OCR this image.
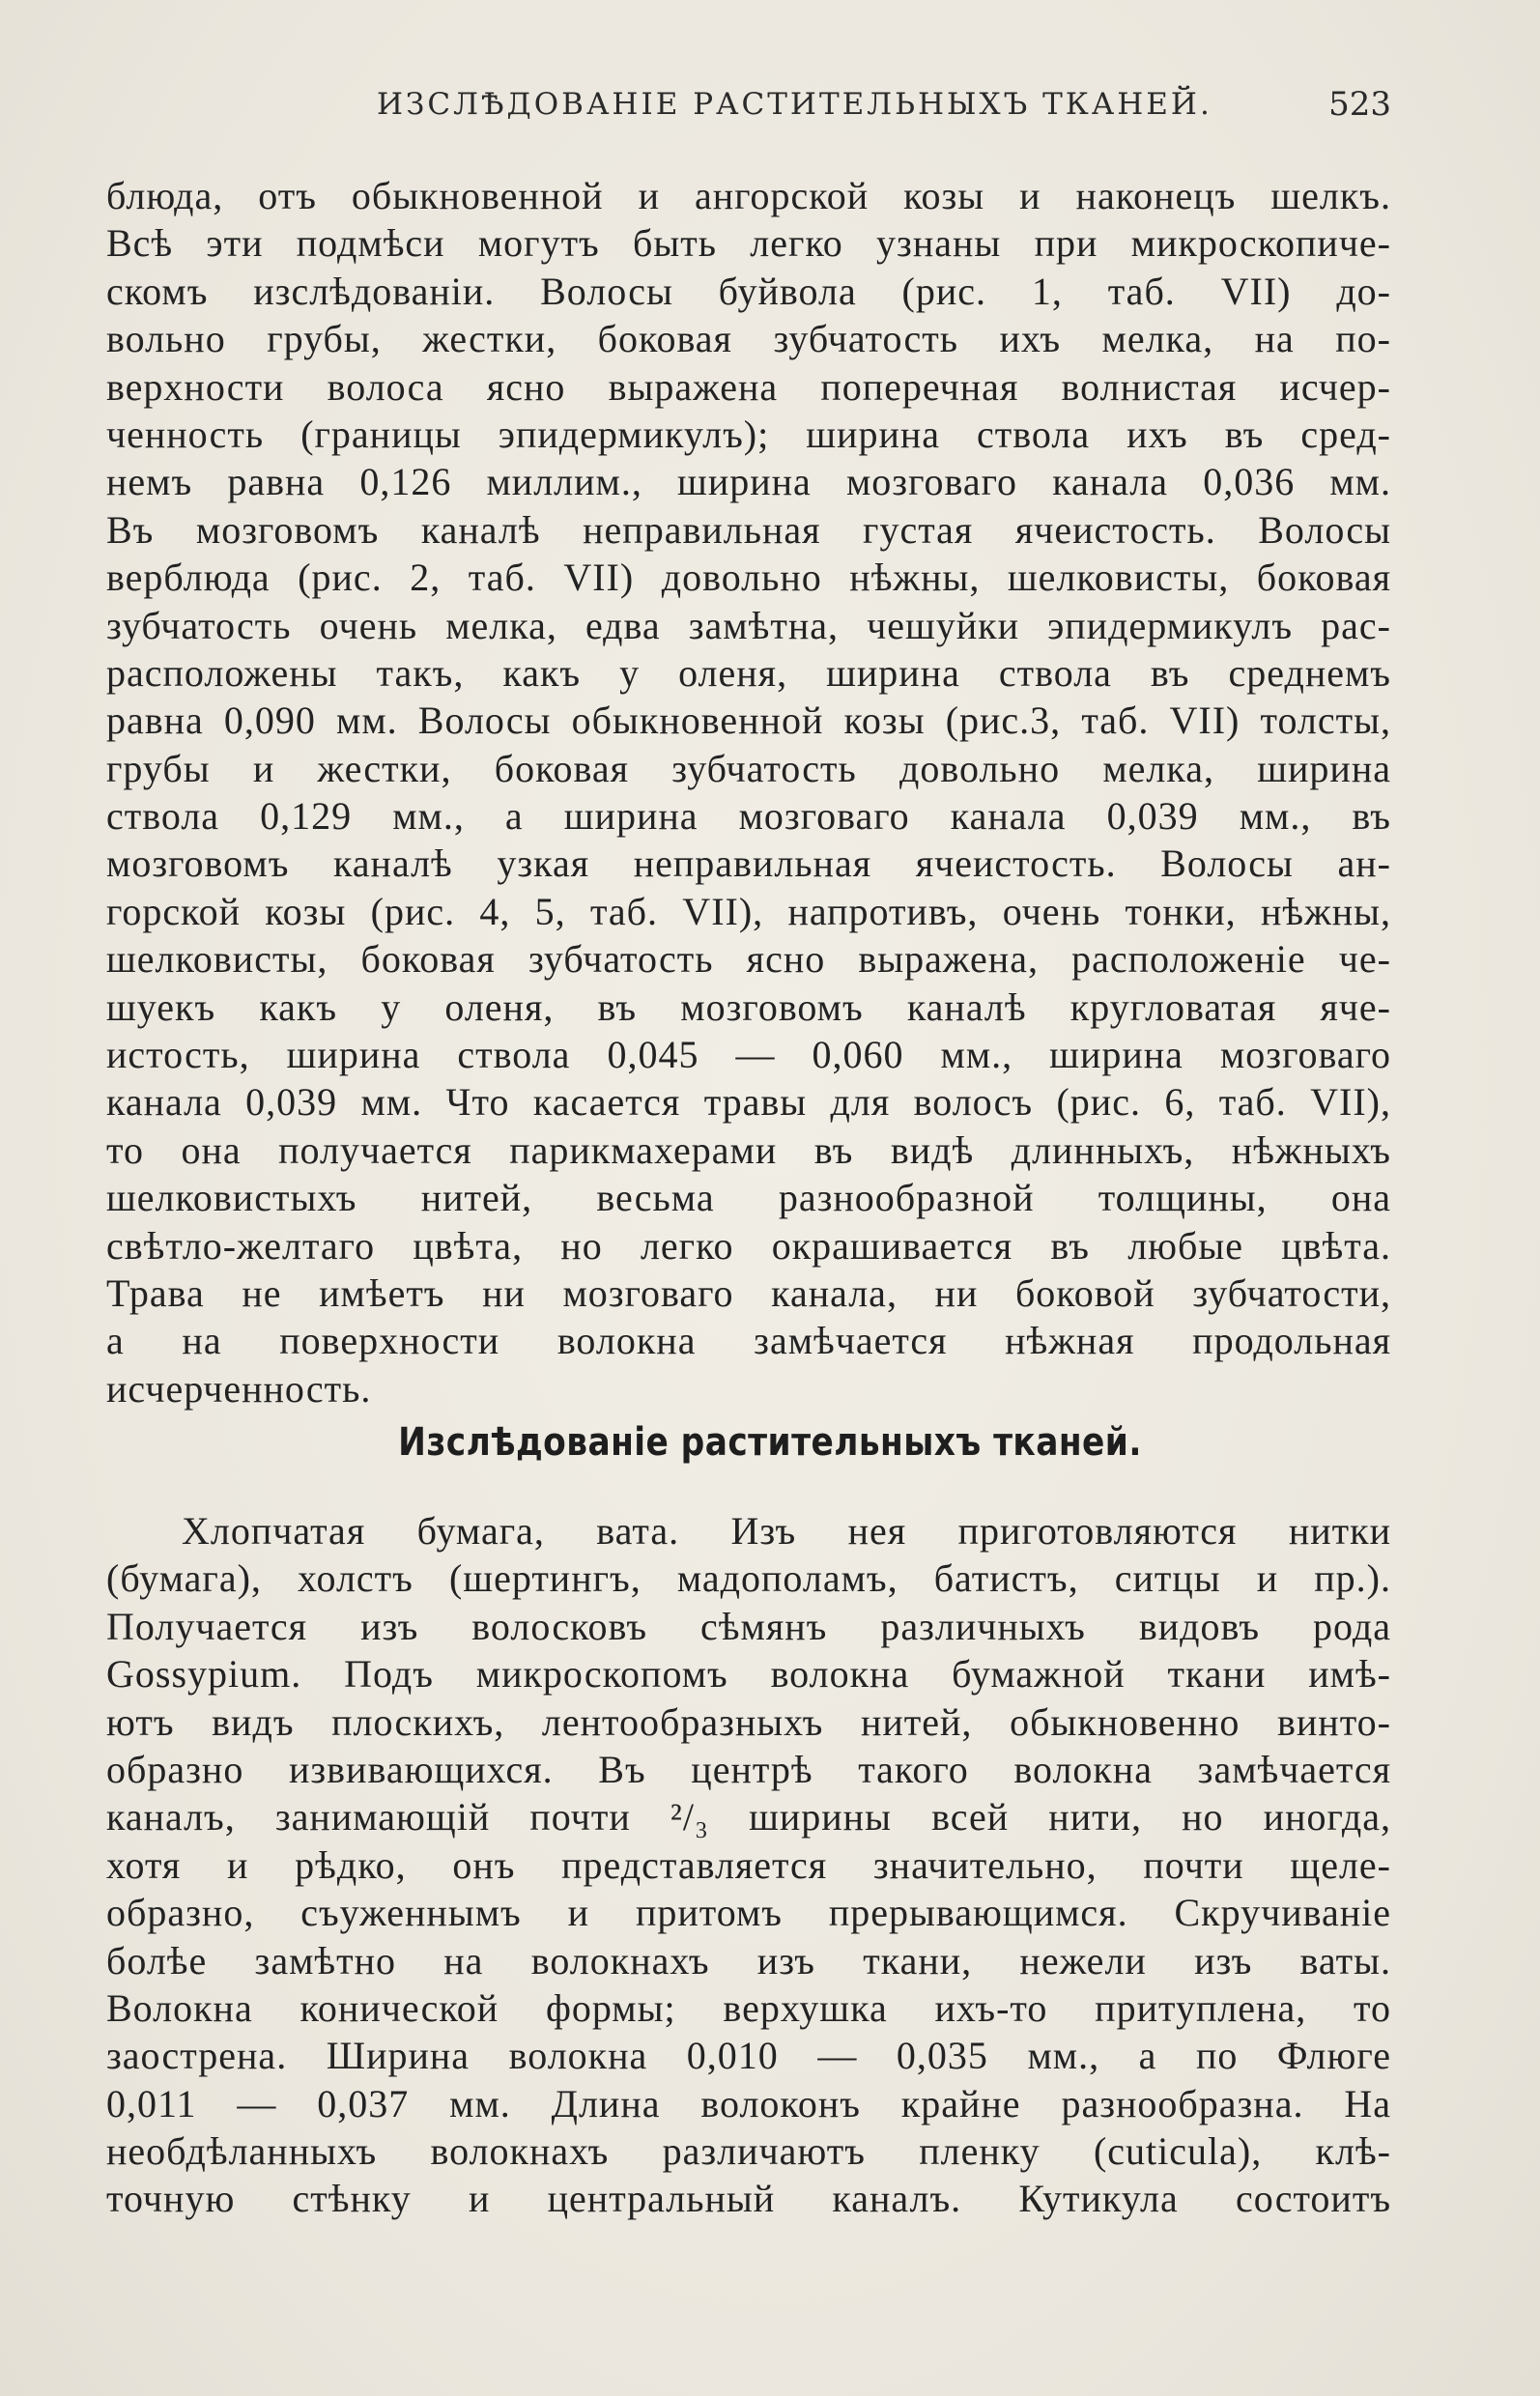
ИЗСЛѢДОВАНІЕ РАСТИТЕЛЬНЫХЪ ТКАНЕЙ.	523
блюда, отъ обыкновенной и ангорской козы и наконецъ шелкъ.
Всѣ эти подмѣси могутъ быть легко узнаны при микроскопиче-
скомъ изслѣдованіи. Волосы буйвола (рис. 1, таб. VII) до-
вольно грубы, жестки, боковая зубчатость ихъ мелка, на по-
верхности волоса ясно выражена поперечная волнистая исчер-
ченность (границы эпидермикулъ); ширина ствола ихъ въ сред-
немъ равна 0,126 миллим., ширина мозговаго канала 0,036 мм.
Въ мозговомъ каналѣ неправильная густая ячеистость. Волосы
верблюда (рис. 2, таб. VII) довольно нѣжны, шелковисты, боковая
зубчатость очень мелка, едва замѣтна, чешуйки эпидермикулъ рас-
расположены такъ, какъ у оленя, ширина ствола въ среднемъ
равна 0,090 мм. Волосы обыкновенной козы (рис.3, таб. VII) толсты,
грубы и жестки, боковая зубчатость довольно мелка, ширина
ствола 0,129 мм., а ширина мозговаго канала 0,039 мм., въ
мозговомъ каналѣ узкая неправильная ячеистость. Волосы ан-
горской козы (рис. 4, 5, таб. VII), напротивъ, очень тонки, нѣжны,
шелковисты, боковая зубчатость ясно выражена, расположеніе че-
шуекъ какъ у оленя, въ мозговомъ каналѣ кругловатая яче-
истость, ширина ствола 0,045 — 0,060 мм., ширина мозговаго
канала 0,039 мм. Что касается травы для волосъ (рис. 6, таб. VII),
то она получается парикмахерами въ видѣ длинныхъ, нѣжныхъ
шелковистыхъ нитей, весьма разнообразной толщины, она
свѣтло-желтаго цвѣта, но легко окрашивается въ любые цвѣта.
Трава не имѣетъ ни мозговаго канала, ни боковой зубчатости,
а на поверхности волокна замѣчается нѣжная продольная
исчерченность.
Изслѣдованіе растительныхъ тканей.
Хлопчатая бумага, вата. Изъ нея приготовляются нитки
(бумага), холстъ (шертингъ, мадополамъ, батистъ, ситцы и пр.).
Получается изъ волосковъ сѣмянъ различныхъ видовъ рода
Gossypium. Подъ микроскопомъ волокна бумажной ткани имѣ-
ютъ видъ плоскихъ, лентообразныхъ нитей, обыкновенно винто-
образно извивающихся. Въ центрѣ такого волокна замѣчается
каналъ, занимающій почти ²/₃ ширины всей нити, но иногда,
хотя и рѣдко, онъ представляется значительно, почти щеле-
образно, съуженнымъ и притомъ прерывающимся. Скручиваніе
болѣе замѣтно на волокнахъ изъ ткани, нежели изъ ваты.
Волокна конической формы; верхушка ихъ-то притуплена, то
заострена. Ширина волокна 0,010 — 0,035 мм., а по Флюге
0,011 — 0,037 мм. Длина волоконъ крайне разнообразна. На
необдѣланныхъ волокнахъ различаютъ пленку (cuticula), клѣ-
точную стѣнку и центральный каналъ. Кутикула состоитъ
